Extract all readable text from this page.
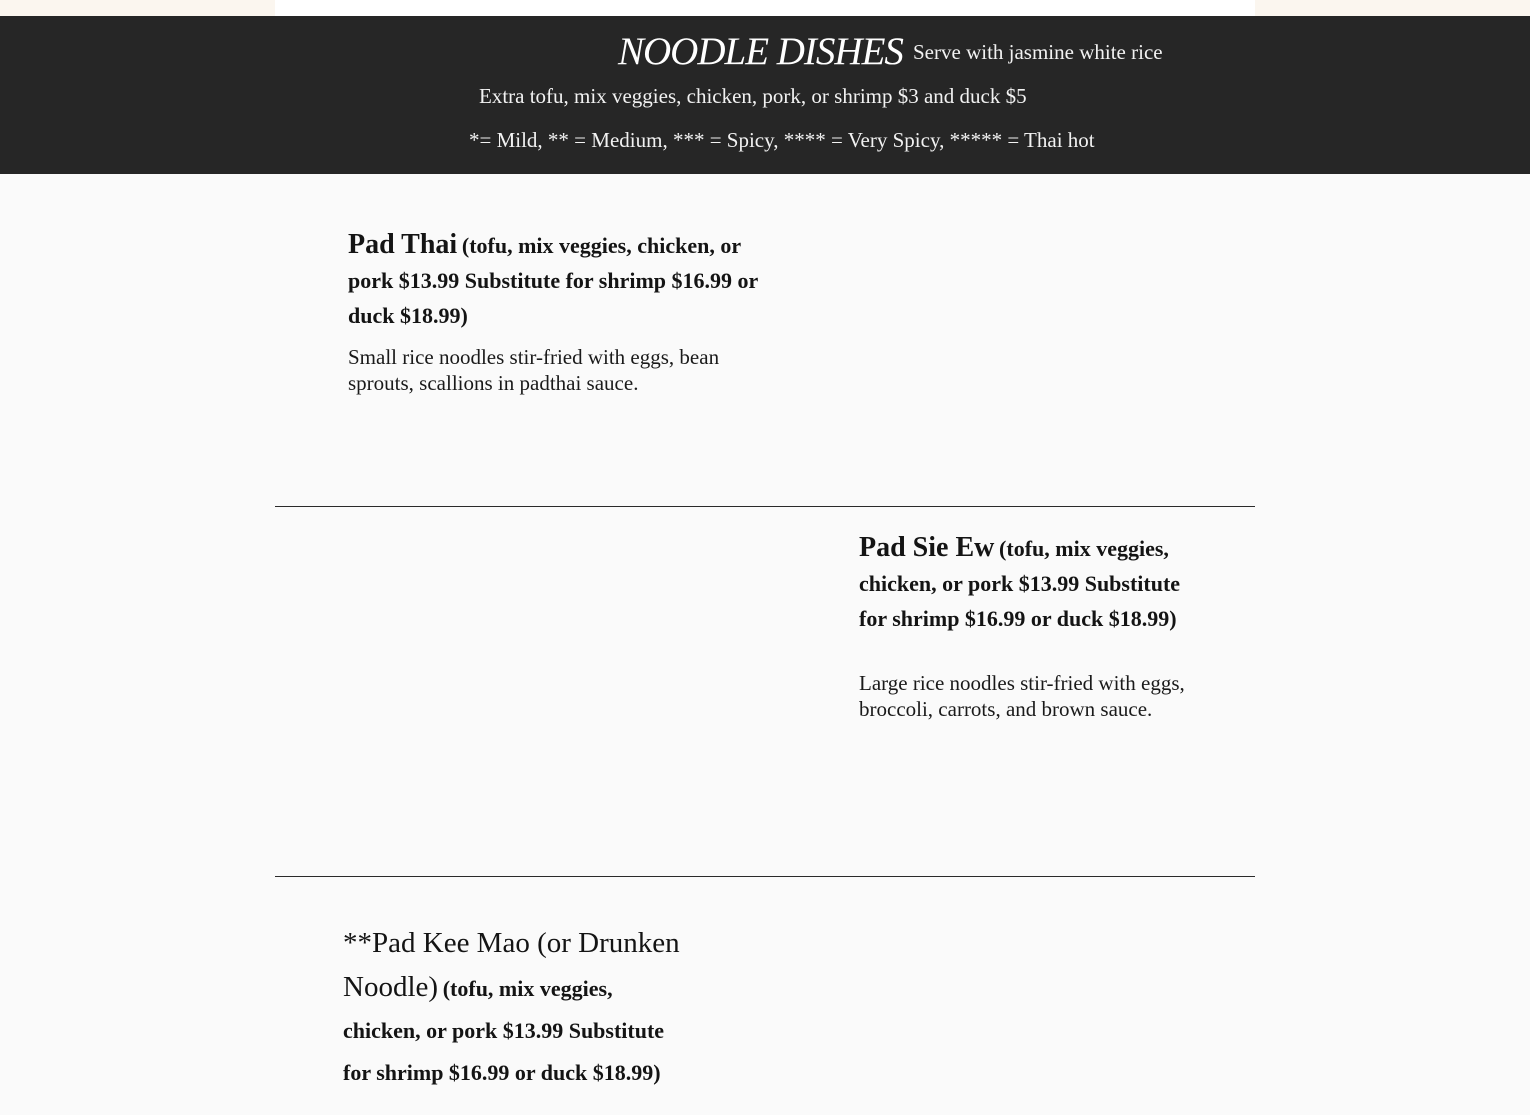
NOODLE DISHES Serve with jasmine white rice
Extra tofu, mix veggies, chicken, pork, or shrimp $3 and duck $5
*= Mild, ** = Medium, *** = Spicy, **** = Very Spicy, ***** = Thai hot
Pad Thai (tofu, mix veggies, chicken, or pork $13.99 Substitute for shrimp $16.99 or duck $18.99)

Small rice noodles stir-fried with eggs, bean sprouts, scallions in padthai sauce.

Pad Sie Ew (tofu, mix veggies, chicken, or pork $13.99 Substitute for shrimp $16.99 or duck $18.99)

Large rice noodles stir-fried with eggs, broccoli, carrots, and brown sauce.

**Pad Kee Mao (or Drunken Noodle) (tofu, mix veggies, chicken, or pork $13.99 Substitute for shrimp $16.99 or duck $18.99)
